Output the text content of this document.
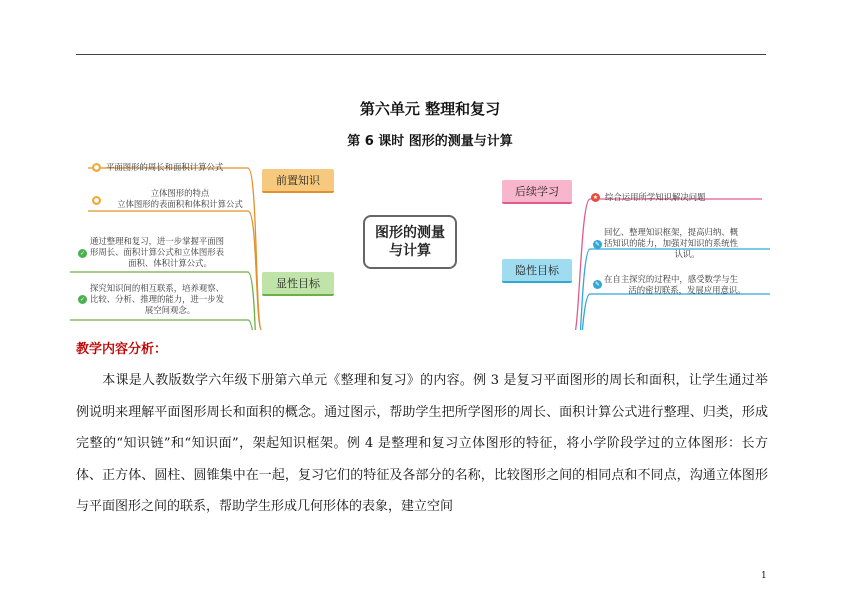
第六单元 整理和复习
第 6 课时 图形的测量与计算
图形的测量
与计算
前置知识
后续学习
显性目标
隐性目标
● 平面图形的周长和面积计算公式
●
立体图形的特点
立体图形的表面积和体积计算公式
✓
通过整理和复习，进一步掌握平面图
形周长、面积计算公式和立体图形表
面积、体积计算公式。
✓
探究知识间的相互联系，培养观察、
比较、分析、推理的能力，进一步发
展空间观念。
★ 综合运用所学知识解决问题
✎
回忆、整理知识框架，提高归纳、概
括知识的能力，加强对知识的系统性
认识。
✎
在自主探究的过程中，感受数学与生
活的密切联系，发展应用意识。
教学内容分析：
本课是人教版数学六年级下册第六单元《整理和复习》的内容。例 3 是复习平面图形的周长和面积，让学生通过举例说明来理解平面图形周长和面积的概念。通过图示，帮助学生把所学图形的周长、面积计算公式进行整理、归类，形成完整的“知识链”和“知识面”，架起知识框架。例 4 是整理和复习立体图形的特征，将小学阶段学过的立体图形：长方体、正方体、圆柱、圆锥集中在一起，复习它们的特征及各部分的名称，比较图形之间的相同点和不同点，沟通立体图形与平面图形之间的联系，帮助学生形成几何形体的表象，建立空间
1
